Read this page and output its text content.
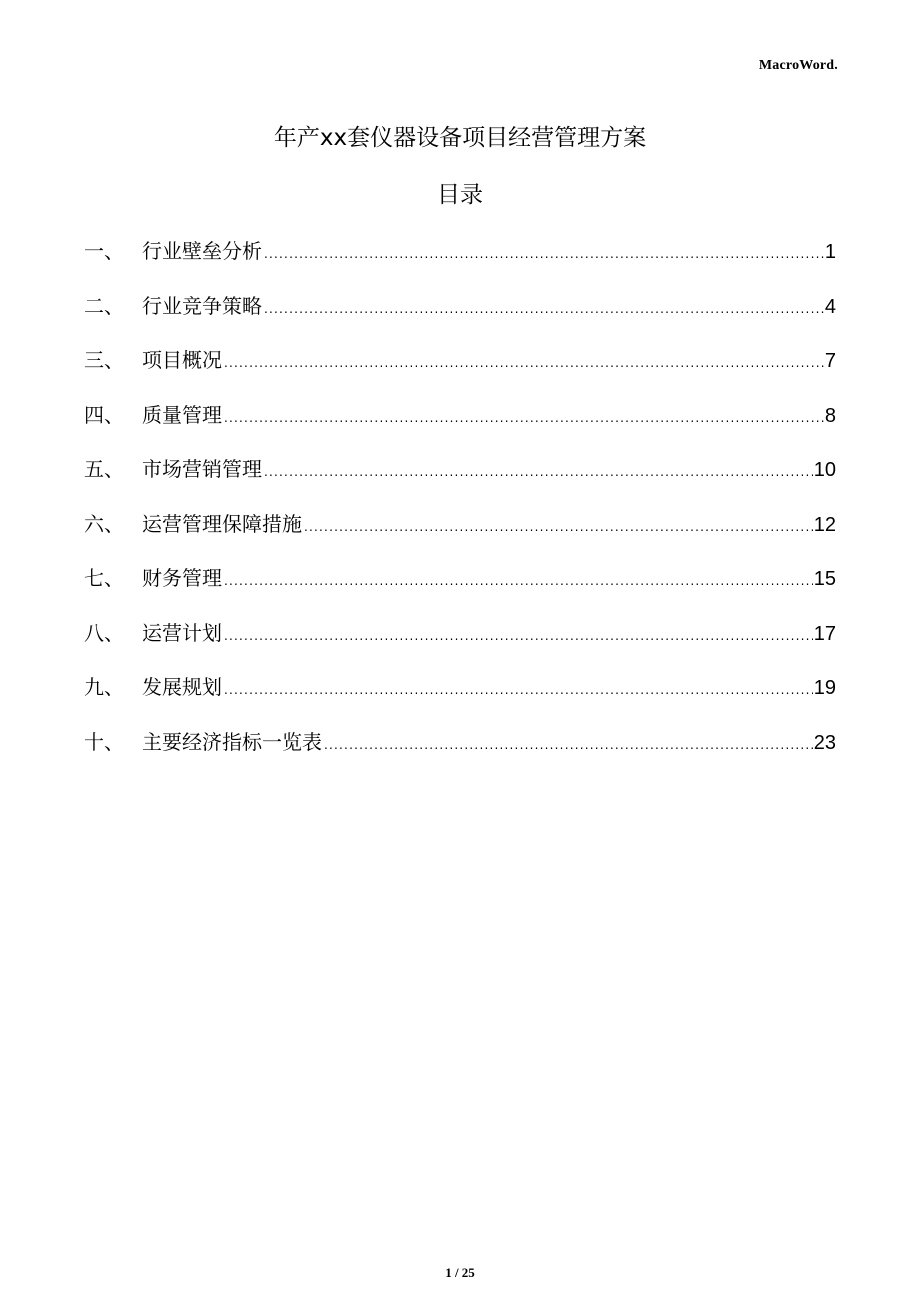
MacroWord.
年产xx套仪器设备项目经营管理方案
目录
一、 行业壁垒分析 .....	1
二、 行业竞争策略 .....	4
三、 项目概况 .....	7
四、 质量管理 .....	8
五、 市场营销管理 .....	10
六、 运营管理保障措施 .....	12
七、 财务管理 .....	15
八、 运营计划 .....	17
九、 发展规划 .....	19
十、 主要经济指标一览表 .....	23
1 / 25
